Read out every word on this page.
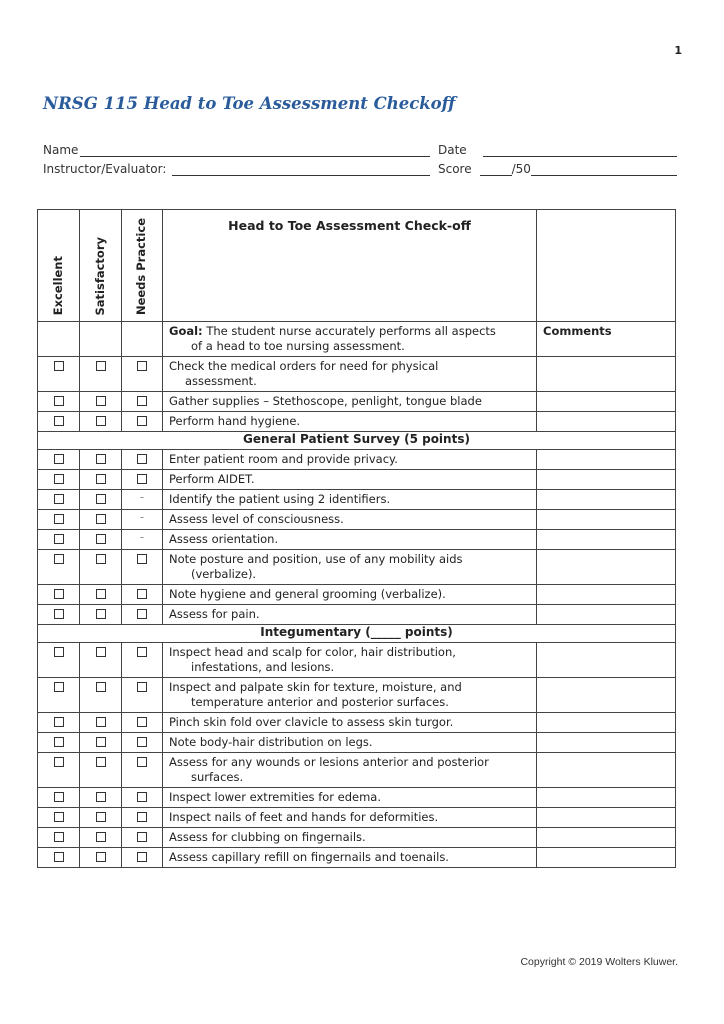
1
NRSG 115 Head to Toe Assessment Checkoff
Name	Date
Instructor/Evaluator:	Score	/50
Excellent	Satisfactory	Needs Practice	Head to Toe Assessment Check-off	
			Goal: The student nurse accurately performs all aspects
of a head to toe nursing assessment.	Comments
			Check the medical orders for need for physical
assessment.	

			Gather supplies – Stethoscope, penlight, tongue blade	
			Perform hand hygiene.	
General Patient Survey (5 points)				
			Enter patient room and provide privacy.	
			Perform AIDET.	
		¨	Identify the patient using 2 identifiers.	
		¨	Assess level of consciousness.	
		¨	Assess orientation.	
			Note posture and position, use of any mobility aids
(verbalize).	

			Note hygiene and general grooming (verbalize).	
			Assess for pain.	
Integumentary (_____ points)				
			Inspect head and scalp for color, hair distribution,
infestations, and lesions.	

			Inspect and palpate skin for texture, moisture, and
temperature anterior and posterior surfaces.	

			Pinch skin fold over clavicle to assess skin turgor.	
			Note body-hair distribution on legs.	
			Assess for any wounds or lesions anterior and posterior
surfaces.	

			Inspect lower extremities for edema.	
			Inspect nails of feet and hands for deformities.	
			Assess for clubbing on fingernails.	
			Assess capillary refill on fingernails and toenails.	
Copyright © 2019 Wolters Kluwer.
